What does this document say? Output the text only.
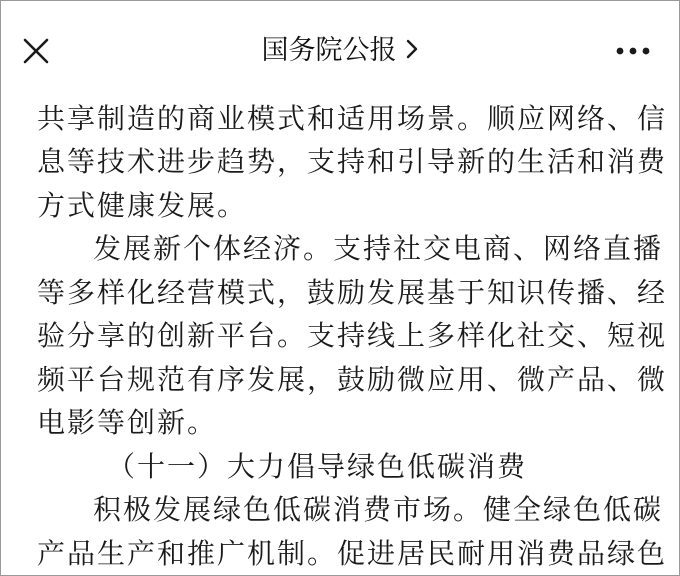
国务院公报

共享制造的商业模式和适用场景。顺应网络、信

息等技术进步趋势，支持和引导新的生活和消费

方式健康发展。

发展新个体经济。支持社交电商、网络直播

等多样化经营模式，鼓励发展基于知识传播、经

验分享的创新平台。支持线上多样化社交、短视

频平台规范有序发展，鼓励微应用、微产品、微

电影等创新。

（十一）大力倡导绿色低碳消费

积极发展绿色低碳消费市场。健全绿色低碳

产品生产和推广机制。促进居民耐用消费品绿色
